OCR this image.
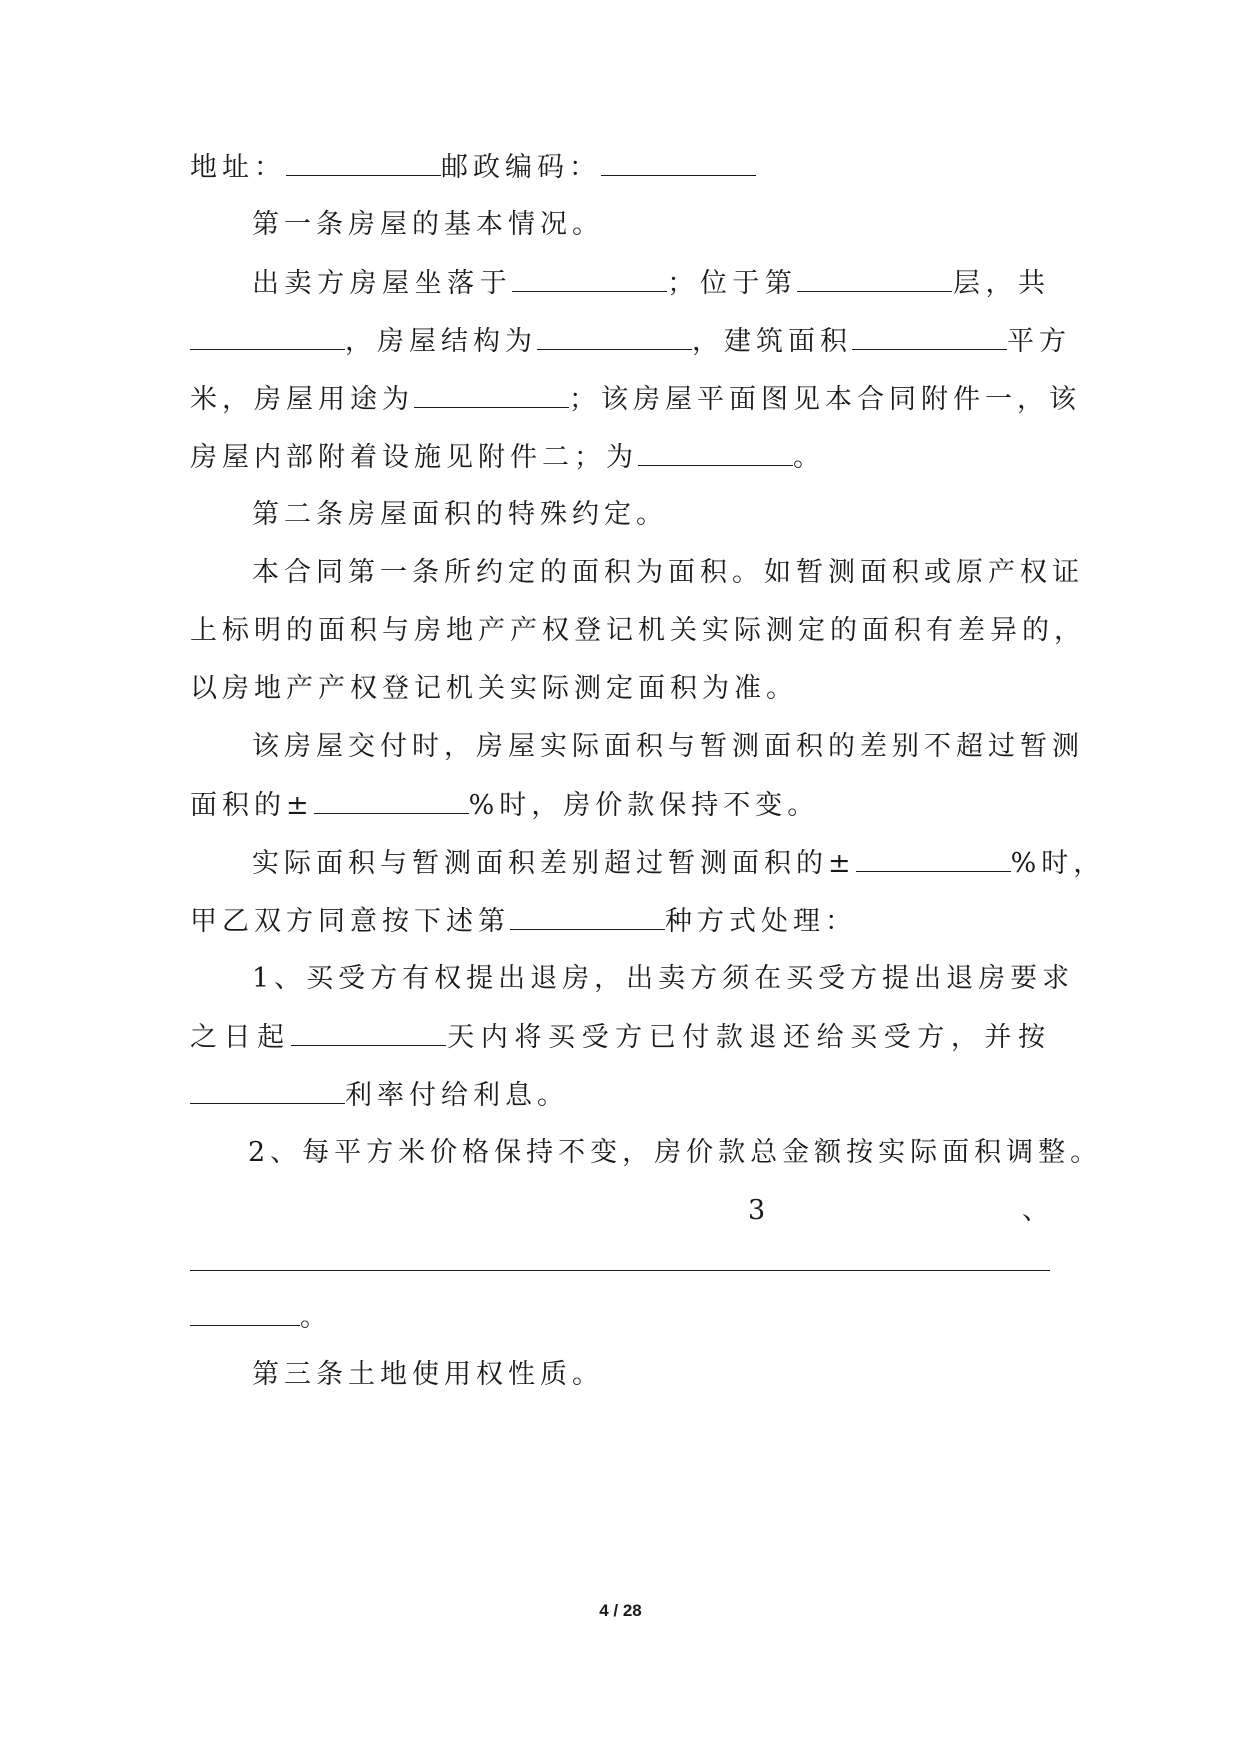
地址：	邮政编码：
第一条房屋的基本情况。
出卖方房屋坐落于	；位于第	层，共
，房屋结构为	，建筑面积	平方
米，房屋用途为	；该房屋平面图见本合同附件一，该
房屋内部附着设施见附件二；为	。
第二条房屋面积的特殊约定。
本合同第一条所约定的面积为面积。如暂测面积或原产权证
上标明的面积与房地产产权登记机关实际测定的面积有差异的，
以房地产产权登记机关实际测定面积为准。
该房屋交付时，房屋实际面积与暂测面积的差别不超过暂测
面积的±	%时，房价款保持不变。
实际面积与暂测面积差别超过暂测面积的±	%时，
甲乙双方同意按下述第	种方式处理：
1、买受方有权提出退房，出卖方须在买受方提出退房要求
之日起	天内将买受方已付款退还给买受方，并按
利率付给利息。
2、每平方米价格保持不变，房价款总金额按实际面积调整。
3	、
。
第三条土地使用权性质。
4 / 28
